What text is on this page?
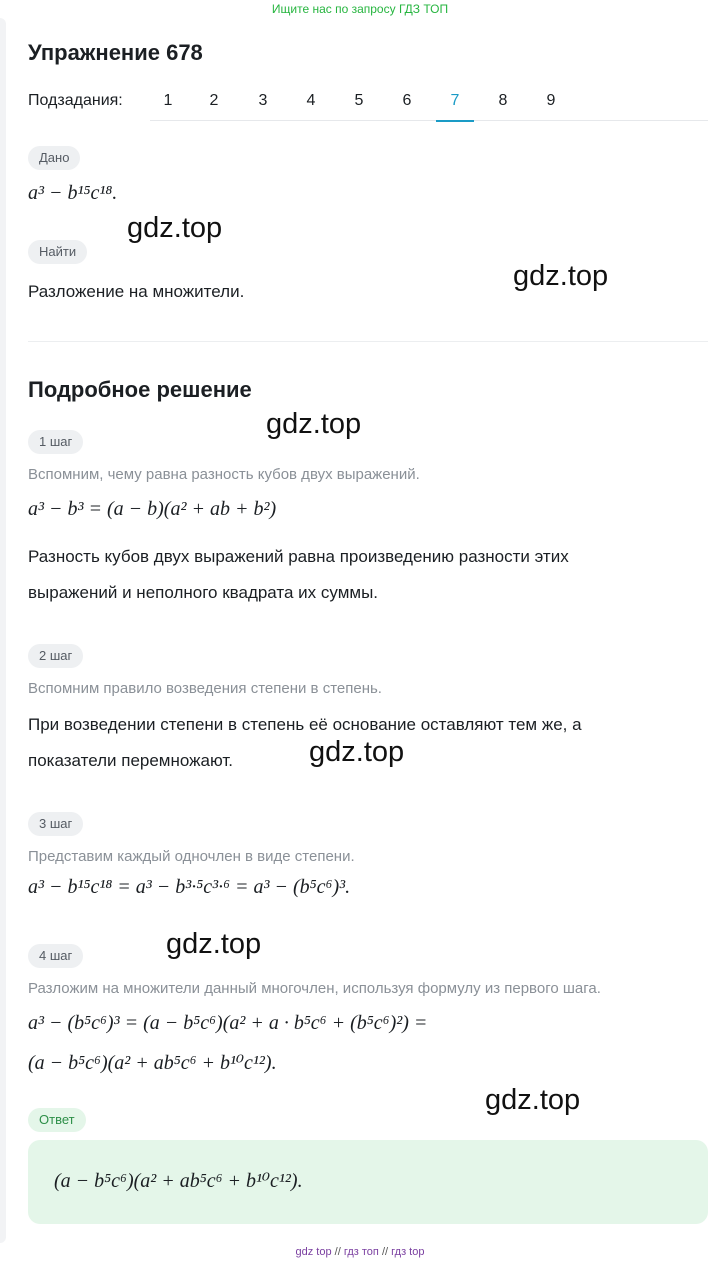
Ищите нас по запросу ГДЗ ТОП
Упражнение 678
Подзадания:	1	2	3	4	5	6	7	8	9
Дано
a³ − b¹⁵c¹⁸.
Найти
Разложение на множители.
Подробное решение
1 шаг
Вспомним, чему равна разность кубов двух выражений.
a³ − b³ = (a − b)(a² + ab + b²)
Разность кубов двух выражений равна произведению разности этих
выражений и неполного квадрата их суммы.
2 шаг
Вспомним правило возведения степени в степень.
При возведении степени в степень её основание оставляют тем же, а
показатели перемножают.
3 шаг
Представим каждый одночлен в виде степени.
a³ − b¹⁵c¹⁸ = a³ − b³·⁵c³·⁶ = a³ − (b⁵c⁶)³.
4 шаг
Разложим на множители данный многочлен, используя формулу из первого шага.
a³ − (b⁵c⁶)³ = (a − b⁵c⁶)(a² + a · b⁵c⁶ + (b⁵c⁶)²) =
(a − b⁵c⁶)(a² + ab⁵c⁶ + b¹⁰c¹²).
Ответ
(a − b⁵c⁶)(a² + ab⁵c⁶ + b¹⁰c¹²).
gdz.top
gdz.top
gdz.top
gdz.top
gdz.top
gdz.top
gdz top // гдз топ // гдз top
